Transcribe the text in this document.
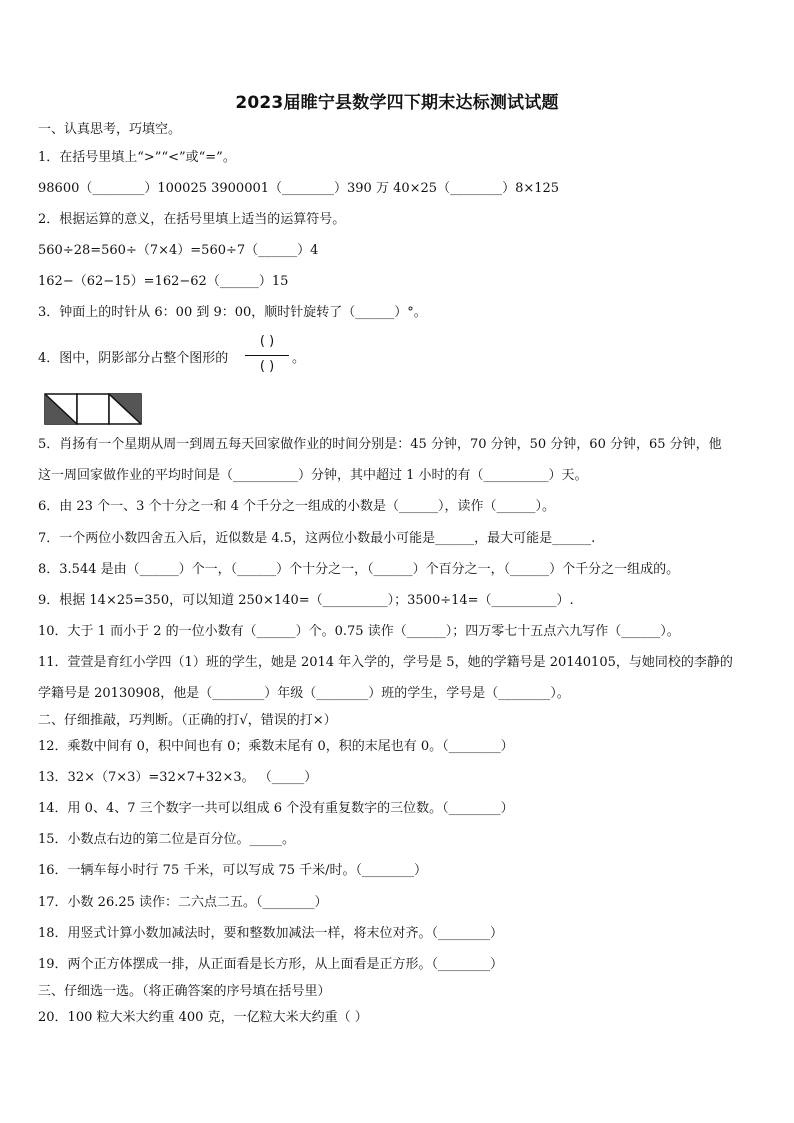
2023届睢宁县数学四下期末达标测试试题
一、认真思考，巧填空。
1．在括号里填上“>”“<”或“=”。
98600（________）100025 3900001（________）390 万 40×25（________）8×125
2．根据运算的意义，在括号里填上适当的运算符号。
560÷28=560÷（7×4）=560÷7（______）4
162−（62−15）=162−62（______）15
3．钟面上的时针从 6：00 到 9：00，顺时针旋转了（______）°。
4．图中，阴影部分占整个图形的
( )
( )
。
5．肖扬有一个星期从周一到周五每天回家做作业的时间分别是：45 分钟，70 分钟，50 分钟，60 分钟，65 分钟，他
这一周回家做作业的平均时间是（__________）分钟，其中超过 1 小时的有（__________）天。
6．由 23 个一、3 个十分之一和 4 个千分之一组成的小数是（______），读作（______）。
7．一个两位小数四舍五入后，近似数是 4.5，这两位小数最小可能是______，最大可能是______.
8．3.544 是由（______）个一，（______）个十分之一，（______）个百分之一，（______）个千分之一组成的。
9．根据 14×25=350，可以知道 250×140=（__________）；3500÷14=（__________）.
10．大于 1 而小于 2 的一位小数有（______）个。0.75 读作（______）；四万零七十五点六九写作（______）。
11．萱萱是育红小学四（1）班的学生，她是 2014 年入学的，学号是 5，她的学籍号是 20140105，与她同校的李静的
学籍号是 20130908，他是（________）年级（________）班的学生，学号是（________）。
二、仔细推敲，巧判断。（正确的打√，错误的打×）
12．乘数中间有 0，积中间也有 0；乘数末尾有 0，积的末尾也有 0。（________）
13．32×（7×3）=32×7+32×3。 （_____）
14．用 0、4、7 三个数字一共可以组成 6 个没有重复数字的三位数。（________）
15．小数点右边的第二位是百分位。_____。
16．一辆车每小时行 75 千米，可以写成 75 千米/时。（________）
17．小数 26.25 读作：二六点二五。（________）
18．用竖式计算小数加减法时，要和整数加减法一样，将末位对齐。（________）
19．两个正方体摆成一排，从正面看是长方形，从上面看是正方形。（________）
三、仔细选一选。（将正确答案的序号填在括号里）
20．100 粒大米大约重 400 克，一亿粒大米大约重（ ）
